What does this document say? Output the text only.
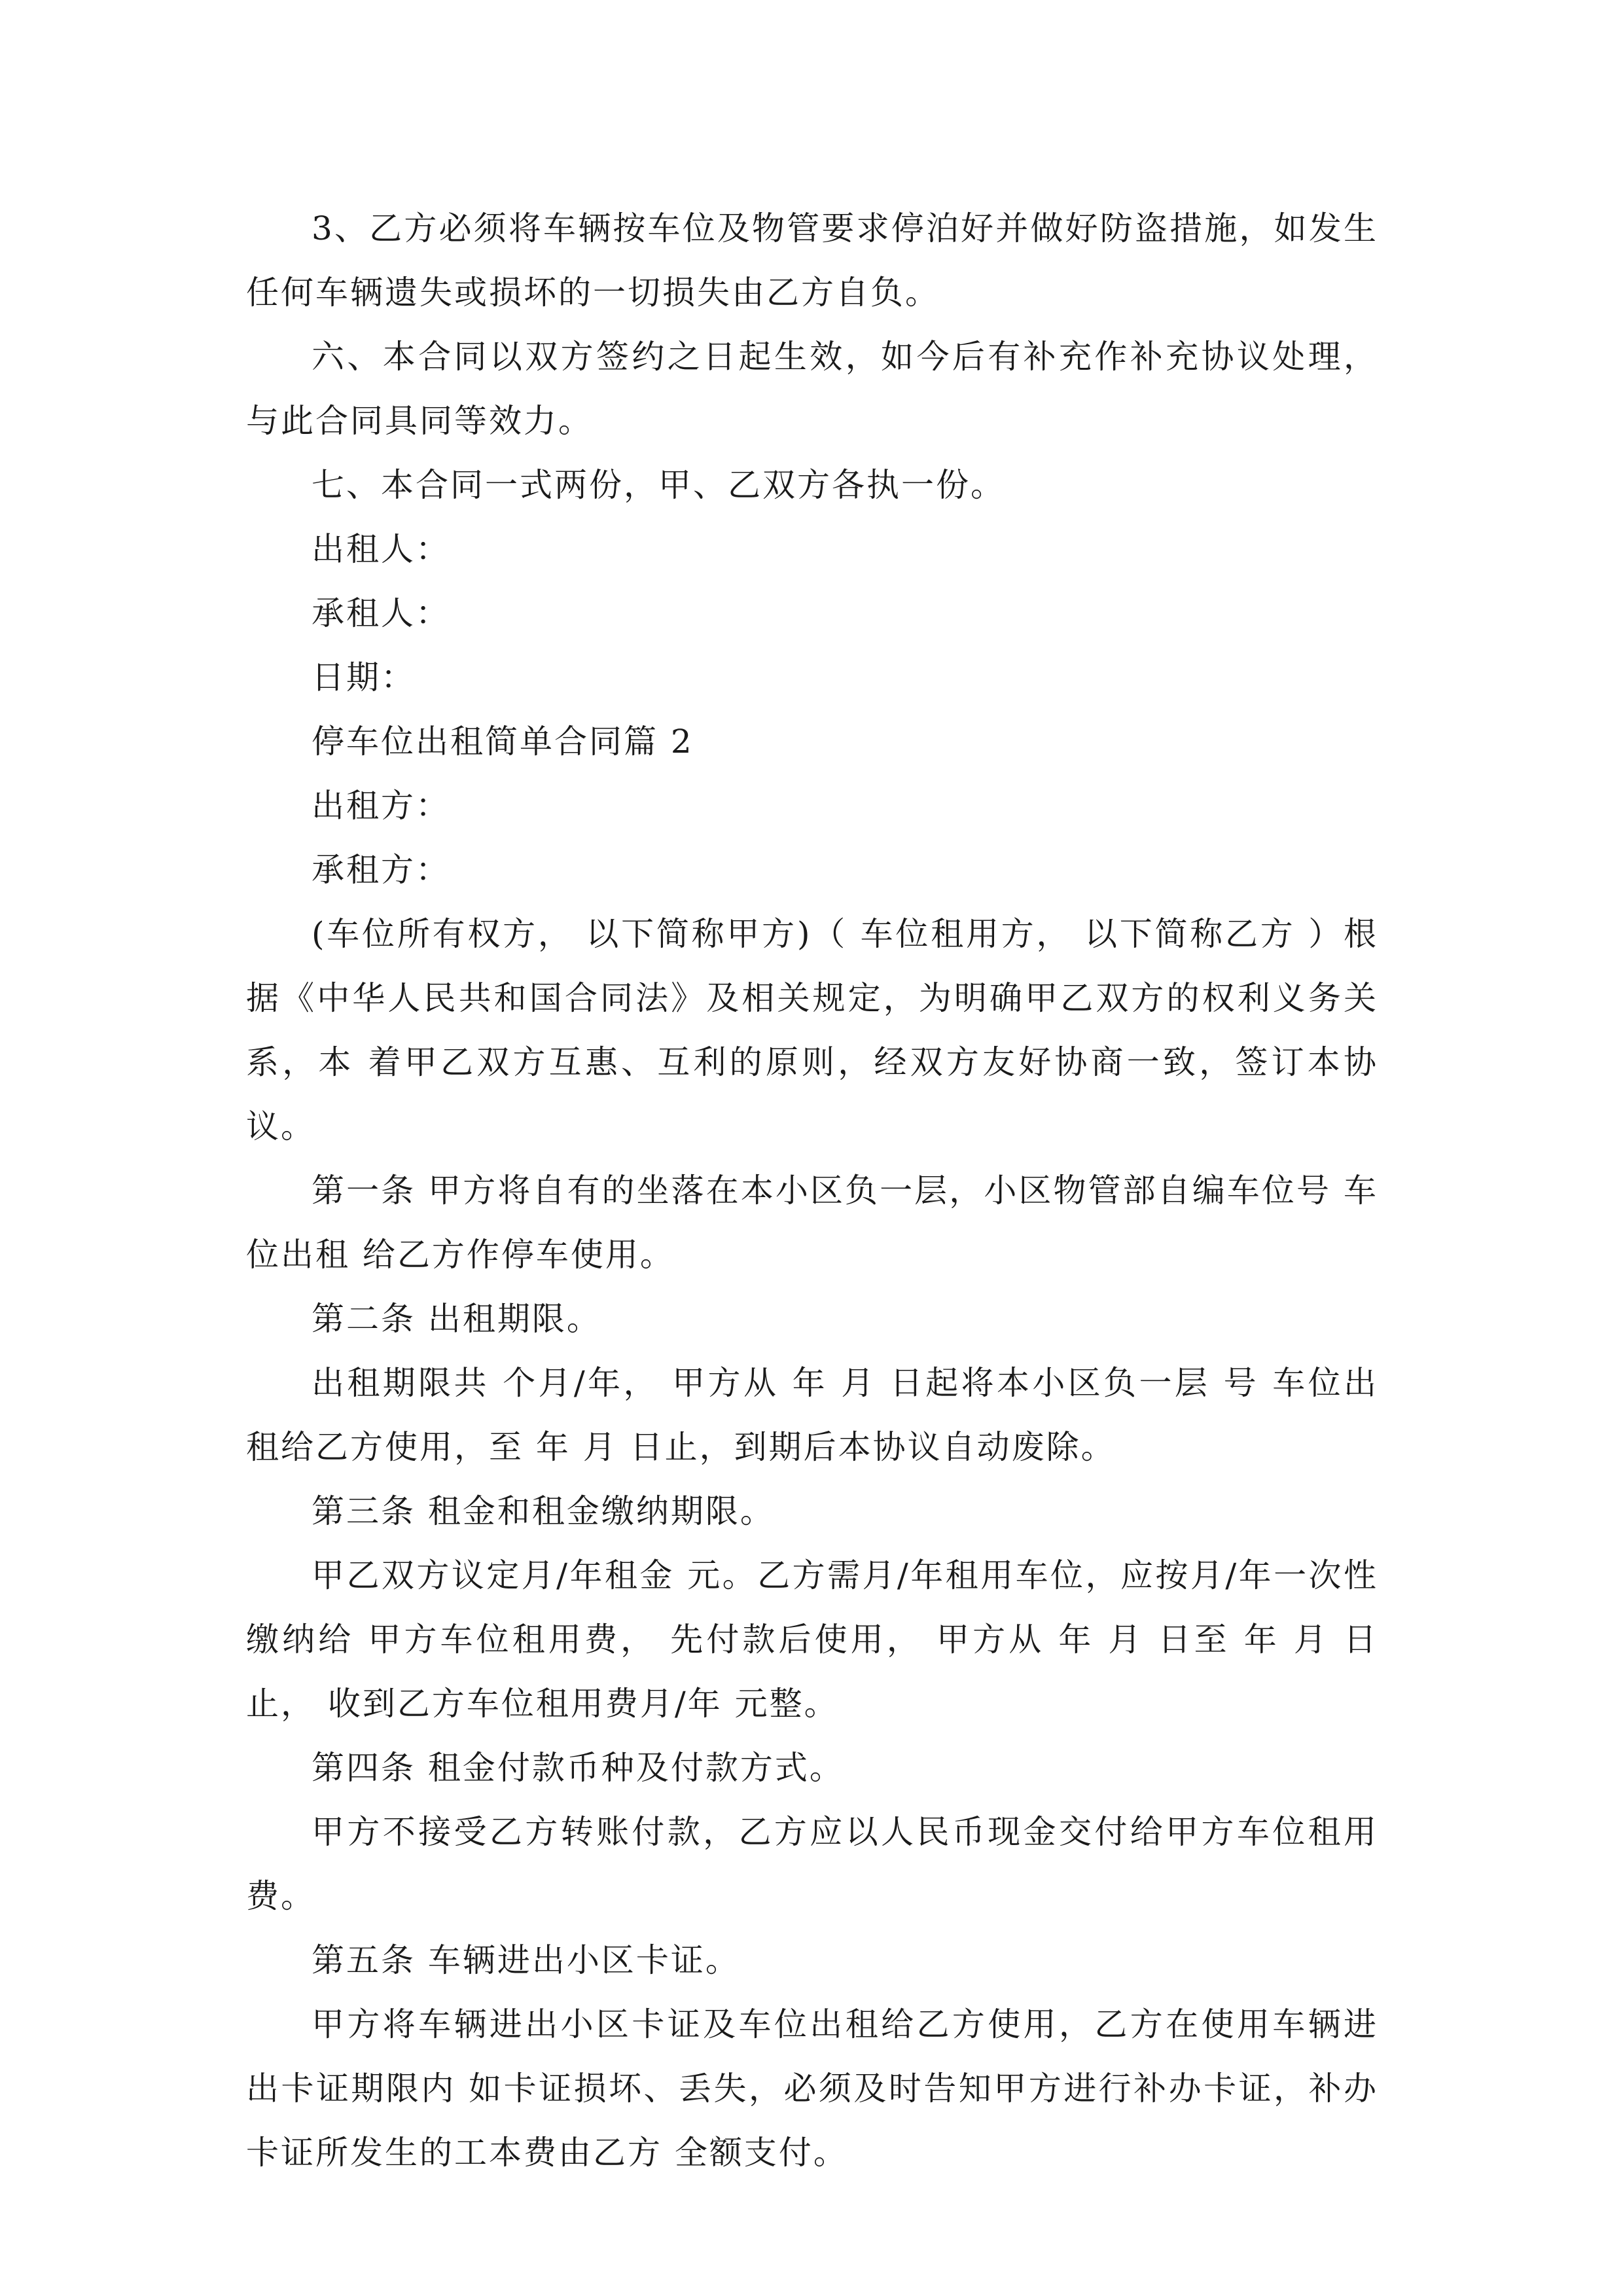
3、乙方必须将车辆按车位及物管要求停泊好并做好防盗措施，如发生任何车辆遗失或损坏的一切损失由乙方自负。

六、本合同以双方签约之日起生效，如今后有补充作补充协议处理，与此合同具同等效力。

七、本合同一式两份，甲、乙双方各执一份。

出租人：

承租人：

日期：

停车位出租简单合同篇 2

出租方：

承租方：

(车位所有权方， 以下简称甲方)（ 车位租用方， 以下简称乙方 ）根据《中华人民共和国合同法》及相关规定，为明确甲乙双方的权利义务关系，本 着甲乙双方互惠、互利的原则，经双方友好协商一致，签订本协议。

第一条 甲方将自有的坐落在本小区负一层，小区物管部自编车位号 车位出租 给乙方作停车使用。

第二条 出租期限。

出租期限共 个月/年， 甲方从 年 月 日起将本小区负一层 号 车位出租给乙方使用，至 年 月 日止，到期后本协议自动废除。

第三条 租金和租金缴纳期限。

甲乙双方议定月/年租金 元。乙方需月/年租用车位，应按月/年一次性缴纳给 甲方车位租用费， 先付款后使用， 甲方从 年 月 日至 年 月 日止， 收到乙方车位租用费月/年 元整。

第四条 租金付款币种及付款方式。

甲方不接受乙方转账付款，乙方应以人民币现金交付给甲方车位租用费。

第五条 车辆进出小区卡证。

甲方将车辆进出小区卡证及车位出租给乙方使用，乙方在使用车辆进出卡证期限内 如卡证损坏、丢失，必须及时告知甲方进行补办卡证，补办卡证所发生的工本费由乙方 全额支付。
